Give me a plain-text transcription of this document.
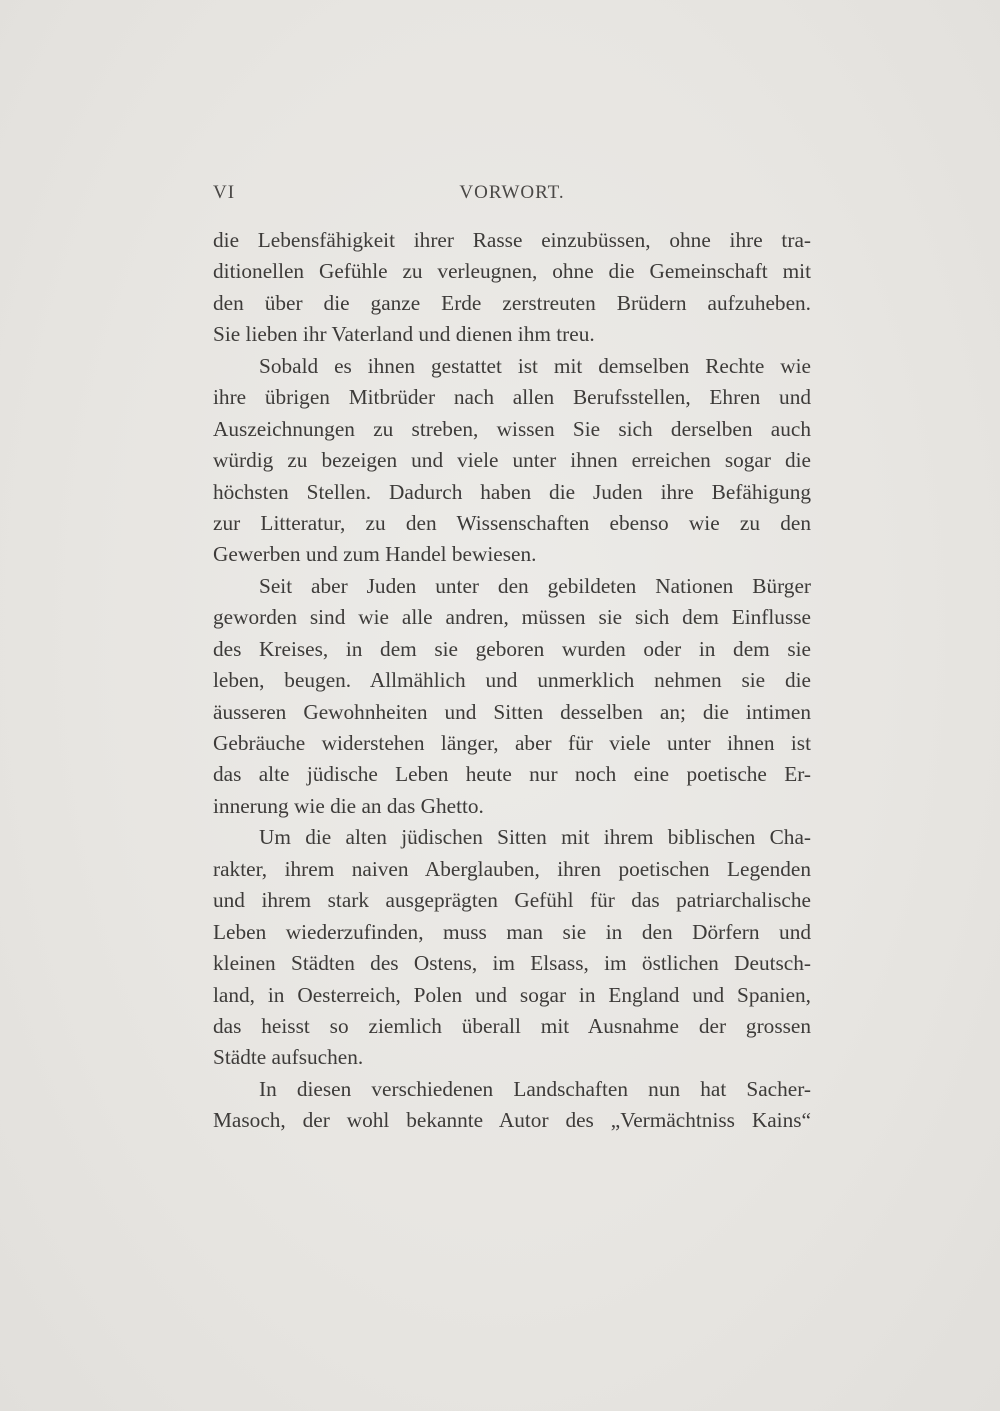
VI	VORWORT.
die Lebensfähigkeit ihrer Rasse einzubüssen, ohne ihre tra-
ditionellen Gefühle zu verleugnen, ohne die Gemeinschaft mit
den über die ganze Erde zerstreuten Brüdern aufzuheben.
Sie lieben ihr Vaterland und dienen ihm treu.
Sobald es ihnen gestattet ist mit demselben Rechte wie
ihre übrigen Mitbrüder nach allen Berufsstellen, Ehren und
Auszeichnungen zu streben, wissen Sie sich derselben auch
würdig zu bezeigen und viele unter ihnen erreichen sogar die
höchsten Stellen. Dadurch haben die Juden ihre Befähigung
zur Litteratur, zu den Wissenschaften ebenso wie zu den
Gewerben und zum Handel bewiesen.
Seit aber Juden unter den gebildeten Nationen Bürger
geworden sind wie alle andren, müssen sie sich dem Einflusse
des Kreises, in dem sie geboren wurden oder in dem sie
leben, beugen. Allmählich und unmerklich nehmen sie die
äusseren Gewohnheiten und Sitten desselben an; die intimen
Gebräuche widerstehen länger, aber für viele unter ihnen ist
das alte jüdische Leben heute nur noch eine poetische Er-
innerung wie die an das Ghetto.
Um die alten jüdischen Sitten mit ihrem biblischen Cha-
rakter, ihrem naiven Aberglauben, ihren poetischen Legenden
und ihrem stark ausgeprägten Gefühl für das patriarchalische
Leben wiederzufinden, muss man sie in den Dörfern und
kleinen Städten des Ostens, im Elsass, im östlichen Deutsch-
land, in Oesterreich, Polen und sogar in England und Spanien,
das heisst so ziemlich überall mit Ausnahme der grossen
Städte aufsuchen.
In diesen verschiedenen Landschaften nun hat Sacher-
Masoch, der wohl bekannte Autor des „Vermächtniss Kains“
